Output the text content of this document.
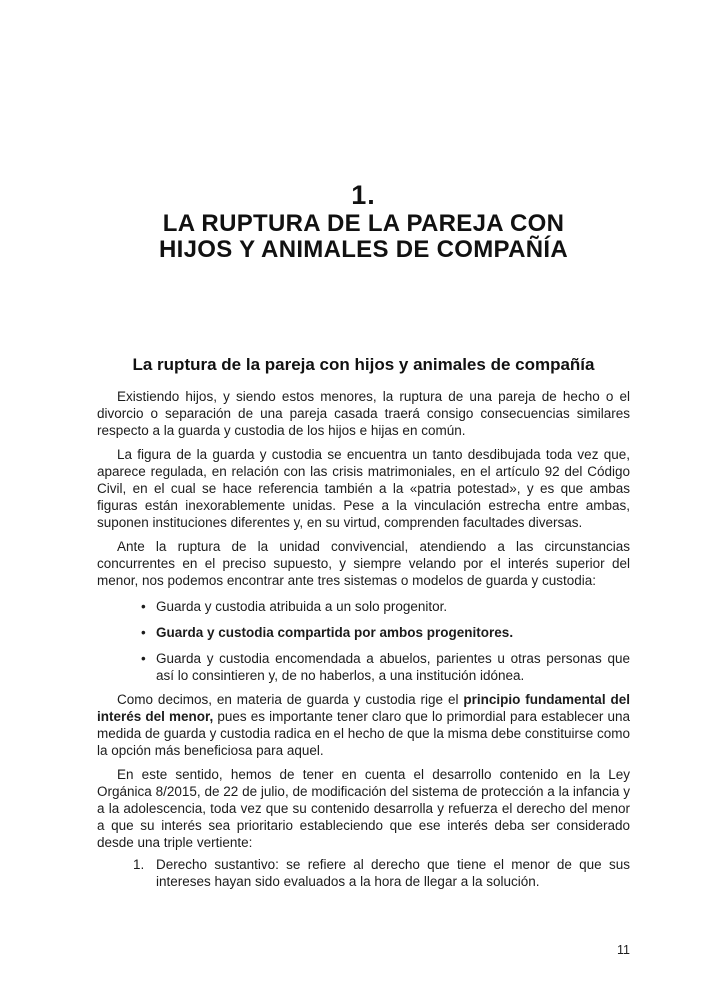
1.
LA RUPTURA DE LA PAREJA CON
HIJOS Y ANIMALES DE COMPAÑÍA
La ruptura de la pareja con hijos y animales de compañía

Existiendo hijos, y siendo estos menores, la ruptura de una pareja de hecho o el divorcio o separación de una pareja casada traerá consigo consecuencias similares respecto a la guarda y custodia de los hijos e hijas en común.

La figura de la guarda y custodia se encuentra un tanto desdibujada toda vez que, aparece regulada, en relación con las crisis matrimoniales, en el artículo 92 del Código Civil, en el cual se hace referencia también a la «patria potestad», y es que ambas figuras están inexorablemente unidas. Pese a la vinculación estrecha entre ambas, suponen instituciones diferentes y, en su virtud, comprenden facultades diversas.

Ante la ruptura de la unidad convivencial, atendiendo a las circunstancias concurrentes en el preciso supuesto, y siempre velando por el interés superior del menor, nos podemos encontrar ante tres sistemas o modelos de guarda y custodia:

• Guarda y custodia atribuida a un solo progenitor.
• Guarda y custodia compartida por ambos progenitores.
• Guarda y custodia encomendada a abuelos, parientes u otras personas que así lo consintieren y, de no haberlos, a una institución idónea.

Como decimos, en materia de guarda y custodia rige el principio fundamental del interés del menor, pues es importante tener claro que lo primordial para establecer una medida de guarda y custodia radica en el hecho de que la misma debe constituirse como la opción más beneficiosa para aquel.

En este sentido, hemos de tener en cuenta el desarrollo contenido en la Ley Orgánica 8/2015, de 22 de julio, de modificación del sistema de protección a la infancia y a la adolescencia, toda vez que su contenido desarrolla y refuerza el derecho del menor a que su interés sea prioritario estableciendo que ese interés deba ser considerado desde una triple vertiente:

1. Derecho sustantivo: se refiere al derecho que tiene el menor de que sus intereses hayan sido evaluados a la hora de llegar a la solución.
11
